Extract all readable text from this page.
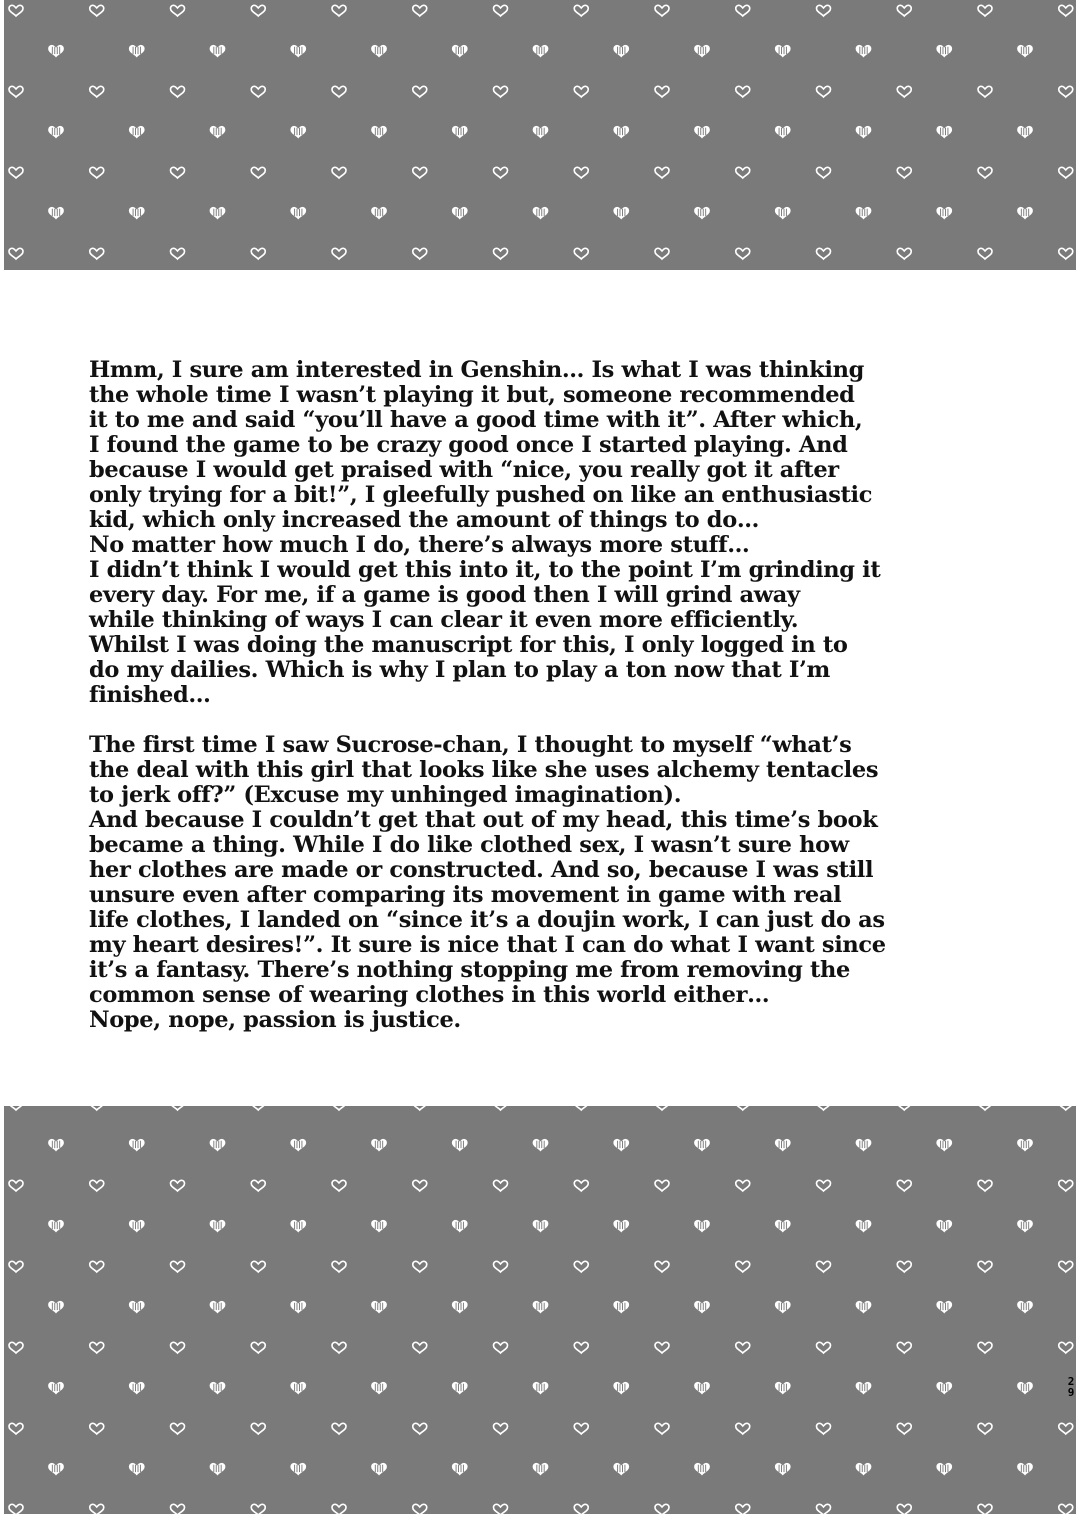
Hmm, I sure am interested in Genshin… Is what I was thinking
the whole time I wasn’t playing it but, someone recommended
it to me and said “you’ll have a good time with it”. After which,
I found the game to be crazy good once I started playing. And
because I would get praised with “nice, you really got it after
only trying for a bit!”, I gleefully pushed on like an enthusiastic
kid, which only increased the amount of things to do…
No matter how much I do, there’s always more stuff…
I didn’t think I would get this into it, to the point I’m grinding it
every day. For me, if a game is good then I will grind away
while thinking of ways I can clear it even more efficiently.
Whilst I was doing the manuscript for this, I only logged in to
do my dailies. Which is why I plan to play a ton now that I’m
finished…
The first time I saw Sucrose-chan, I thought to myself “what’s
the deal with this girl that looks like she uses alchemy tentacles
to jerk off?” (Excuse my unhinged imagination).
And because I couldn’t get that out of my head, this time’s book
became a thing. While I do like clothed sex, I wasn’t sure how
her clothes are made or constructed. And so, because I was still
unsure even after comparing its movement in game with real
life clothes, I landed on “since it’s a doujin work, I can just do as
my heart desires!”. It sure is nice that I can do what I want since
it’s a fantasy. There’s nothing stopping me from removing the
common sense of wearing clothes in this world either…
Nope, nope, passion is justice.
2
9
